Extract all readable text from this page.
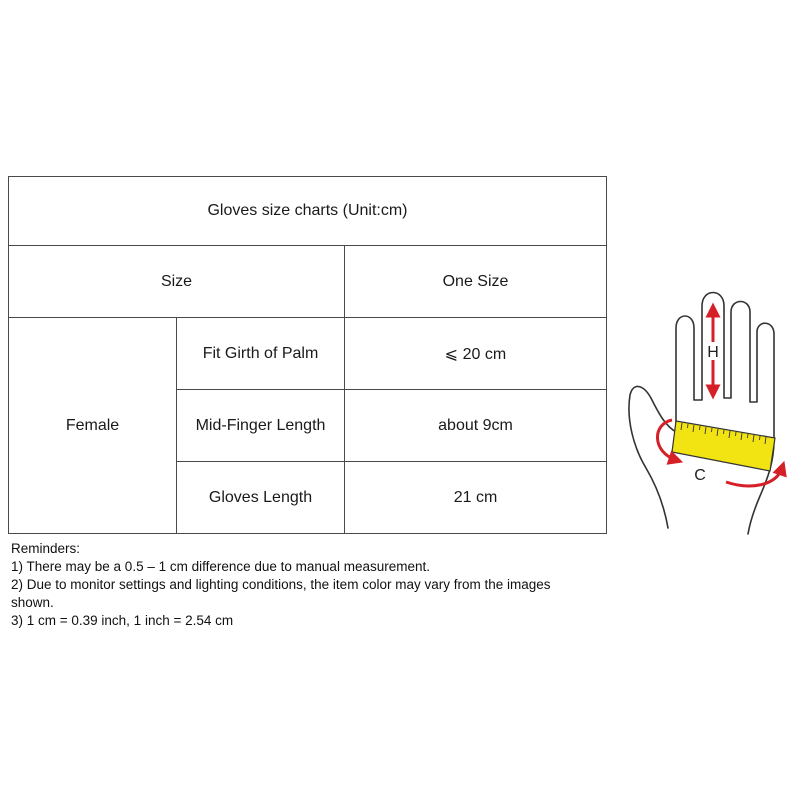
Gloves size charts (Unit:cm)		
Size		One Size
Female	Fit Girth of Palm	⩽ 20 cm
	Mid-Finger Length	about 9cm
	Gloves Length	21 cm
Reminders:
1) There may be a 0.5 – 1 cm difference due to manual measurement.
2) Due to monitor settings and lighting conditions, the item color may vary from the images shown.
3) 1 cm = 0.39 inch, 1 inch = 2.54 cm
H
C
